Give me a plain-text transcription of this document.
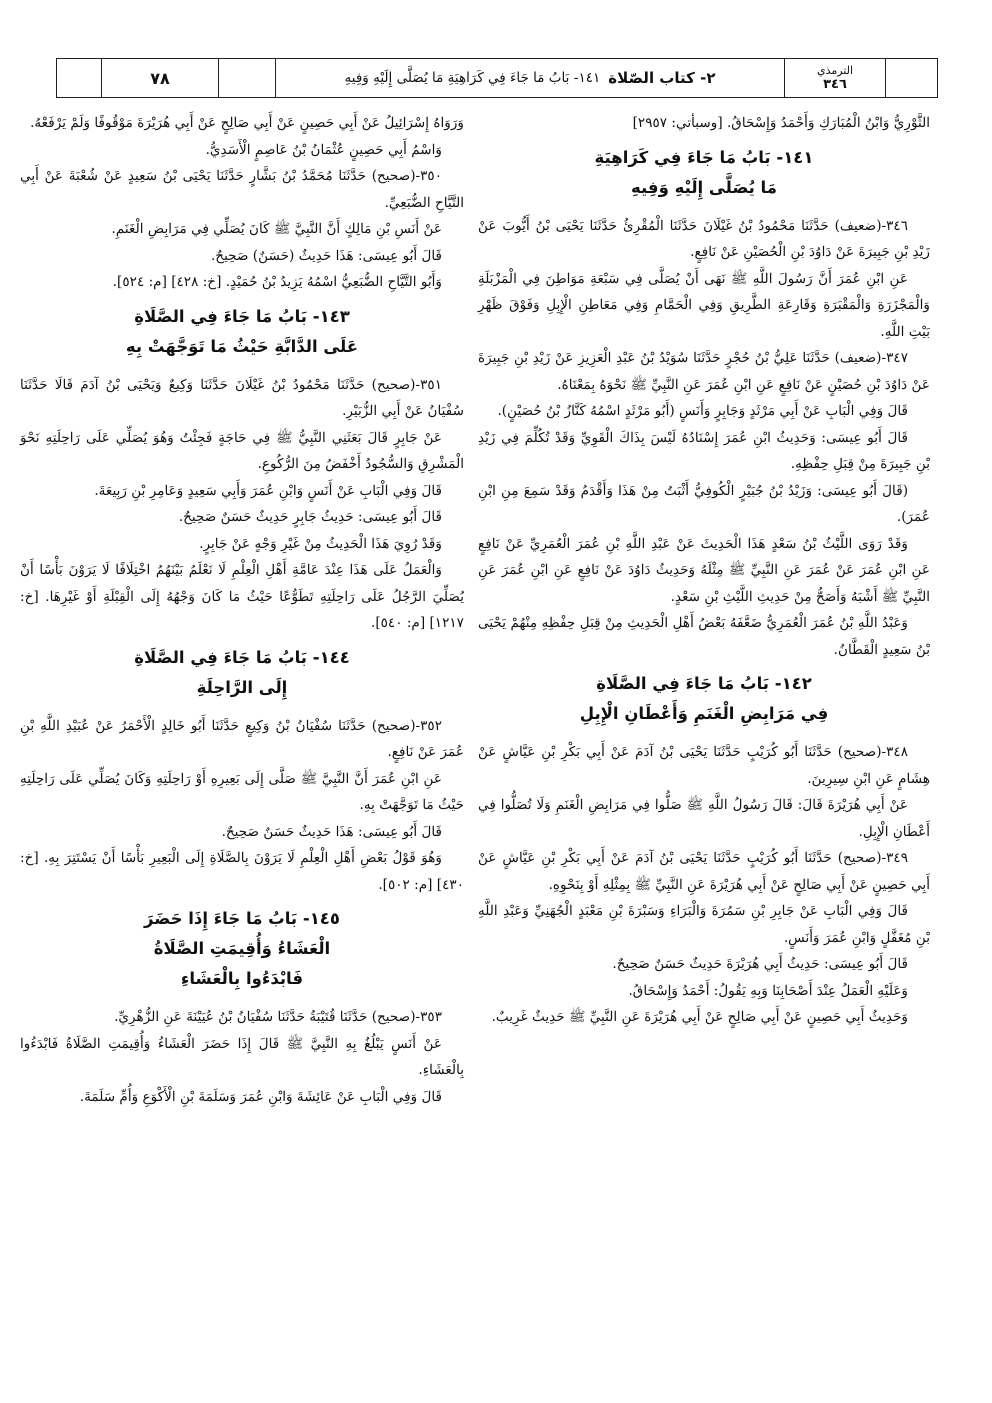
٧٨	٢- كتاب الصّلاة
١٤١- بَابُ مَا جَاءَ فِي كَرَاهِيَةِ مَا يُصَلَّى إِلَيْهِ وَفِيهِ	الترمذي
٣٤٦
الثَّوْرِيُّ وَابْنُ الْمُبَارَكِ وَأَحْمَدُ وَإِسْحَاقُ. [وسبأتي: ٢٩٥٧]
١٤١- بَابُ مَا جَاءَ فِي كَرَاهِيَةِ
مَا يُصَلَّى إِلَيْهِ وَفِيهِ
٣٤٦-(ضعيف) حَدَّثَنَا مَحْمُودُ بْنُ غَيْلَانَ حَدَّثَنَا الْمُقْرِئُ حَدَّثَنَا يَحْيَى بْنُ أَيُّوبَ عَنْ زَيْدِ بْنِ جَبِيرَةَ عَنْ دَاوُدَ بْنِ الْحُصَيْنِ عَنْ نَافِعٍ.
عَنِ ابْنِ عُمَرَ أَنَّ رَسُولَ اللَّهِ ﷺ نَهَى أَنْ يُصَلَّى فِي سَبْعَةِ مَوَاطِنَ فِي الْمَزْبَلَةِ وَالْمَجْزَرَةِ وَالْمَقْبَرَةِ وَقَارِعَةِ الطَّرِيقِ وَفِي الْحَمَّامِ وَفِي مَعَاطِنِ الْإِبِلِ وَفَوْقَ ظَهْرِ بَيْتِ اللَّهِ.
٣٤٧-(ضعيف) حَدَّثَنَا عَلِيُّ بْنُ حُجْرٍ حَدَّثَنَا سُوَيْدُ بْنُ عَبْدِ الْعَزِيزِ عَنْ زَيْدِ بْنِ جَبِيرَةَ عَنْ دَاوُدَ بْنِ حُصَيْنٍ عَنْ نَافِعٍ عَنِ ابْنِ عُمَرَ عَنِ النَّبِيِّ ﷺ نَحْوَهُ بِمَعْنَاهُ.
قَالَ وَفِي الْبَابِ عَنْ أَبِي مَرْثَدٍ وَجَابِرٍ وَأَنَسٍ (أَبُو مَرْثَدٍ اسْمُهُ كَنَّازُ بْنُ حُصَيْنٍ).
قَالَ أَبُو عِيسَى: وَحَدِيثُ ابْنِ عُمَرَ إِسْنَادُهُ لَيْسَ بِذَاكَ الْقَوِيِّ وَقَدْ تُكُلِّمَ فِي زَيْدِ بْنِ جَبِيرَةَ مِنْ قِبَلِ حِفْظِهِ.
(قَالَ أَبُو عِيسَى: وَزَيْدُ بْنُ جُبَيْرٍ الْكُوفِيُّ أَثْبَتُ مِنْ هَذَا وَأَقْدَمُ وَقَدْ سَمِعَ مِنِ ابْنِ عُمَرَ).
وَقَدْ رَوَى اللَّيْثُ بْنُ سَعْدٍ هَذَا الْحَدِيثَ عَنْ عَبْدِ اللَّهِ بْنِ عُمَرَ الْعُمَرِيِّ عَنْ نَافِعٍ عَنِ ابْنِ عُمَرَ عَنْ عُمَرَ عَنِ النَّبِيِّ ﷺ مِثْلَهُ وَحَدِيثُ دَاوُدَ عَنْ نَافِعٍ عَنِ ابْنِ عُمَرَ عَنِ النَّبِيِّ ﷺ أَشْبَهُ وَأَصَحُّ مِنْ حَدِيثِ اللَّيْثِ بْنِ سَعْدٍ.
وَعَبْدُ اللَّهِ بْنُ عُمَرَ الْعُمَرِيُّ ضَعَّفَهُ بَعْضُ أَهْلِ الْحَدِيثِ مِنْ قِبَلِ حِفْظِهِ مِنْهُمْ يَحْيَى بْنُ سَعِيدٍ الْقَطَّانُ.
١٤٢- بَابُ مَا جَاءَ فِي الصَّلَاةِ
فِي مَرَابِضِ الْغَنَمِ وَأَعْطَانِ الْإِبِلِ
٣٤٨-(صحيح) حَدَّثَنَا أَبُو كُرَيْبٍ حَدَّثَنَا يَحْيَى بْنُ آدَمَ عَنْ أَبِي بَكْرِ بْنِ عَيَّاشٍ عَنْ هِشَامٍ عَنِ ابْنِ سِيرِينَ.
عَنْ أَبِي هُرَيْرَةَ قَالَ: قَالَ رَسُولُ اللَّهِ ﷺ صَلُّوا فِي مَرَابِضِ الْغَنَمِ وَلَا تُصَلُّوا فِي أَعْطَانِ الْإِبِلِ.
٣٤٩-(صحيح) حَدَّثَنَا أَبُو كُرَيْبٍ حَدَّثَنَا يَحْيَى بْنُ آدَمَ عَنْ أَبِي بَكْرِ بْنِ عَيَّاشٍ عَنْ أَبِي حَصِينٍ عَنْ أَبِي صَالِحٍ عَنْ أَبِي هُرَيْرَةَ عَنِ النَّبِيِّ ﷺ بِمِثْلِهِ أَوْ بِنَحْوِهِ.
قَالَ وَفِي الْبَابِ عَنْ جَابِرِ بْنِ سَمُرَةَ وَالْبَرَاءِ وَسَبْرَةَ بْنِ مَعْبَدٍ الْجُهَنِيِّ وَعَبْدِ اللَّهِ بْنِ مُغَفَّلٍ وَابْنِ عُمَرَ وَأَنَسٍ.
قَالَ أَبُو عِيسَى: حَدِيثُ أَبِي هُرَيْرَةَ حَدِيثٌ حَسَنٌ صَحِيحٌ.
وَعَلَيْهِ الْعَمَلُ عِنْدَ أَصْحَابِنَا وَبِهِ يَقُولُ: أَحْمَدُ وَإِسْحَاقُ.
وَحَدِيثُ أَبِي حَصِينٍ عَنْ أَبِي صَالِحٍ عَنْ أَبِي هُرَيْرَةَ عَنِ النَّبِيِّ ﷺ حَدِيثٌ غَرِيبٌ.
وَرَوَاهُ إِسْرَائِيلُ عَنْ أَبِي حَصِينٍ عَنْ أَبِي صَالِحٍ عَنْ أَبِي هُرَيْرَةَ مَوْقُوفًا وَلَمْ يَرْفَعْهُ.
وَاسْمُ أَبِي حَصِينٍ عُثْمَانُ بْنُ عَاصِمٍ الْأَسَدِيُّ.
٣٥٠-(صحيح) حَدَّثَنَا مُحَمَّدُ بْنُ بَشَّارٍ حَدَّثَنَا يَحْيَى بْنُ سَعِيدٍ عَنْ شُعْبَةَ عَنْ أَبِي التَّيَّاحِ الضُّبَعِيِّ.
عَنْ أَنَسِ بْنِ مَالِكٍ أَنَّ النَّبِيَّ ﷺ كَانَ يُصَلِّي فِي مَرَابِضِ الْغَنَمِ.
قَالَ أَبُو عِيسَى: هَذَا حَدِيثٌ (حَسَنٌ) صَحِيحٌ.
وَأَبُو التَّيَّاحِ الضُّبَعِيُّ اسْمُهُ يَزِيدُ بْنُ حُمَيْدٍ. [خ: ٤٢٨] [م: ٥٢٤].
١٤٣- بَابُ مَا جَاءَ فِي الصَّلَاةِ
عَلَى الدَّابَّةِ حَيْثُ مَا تَوَجَّهَتْ بِهِ
٣٥١-(صحيح) حَدَّثَنَا مَحْمُودُ بْنُ غَيْلَانَ حَدَّثَنَا وَكِيعٌ وَيَحْيَى بْنُ آدَمَ قَالَا حَدَّثَنَا سُفْيَانُ عَنْ أَبِي الزُّبَيْرِ.
عَنْ جَابِرٍ قَالَ بَعَثَنِي النَّبِيُّ ﷺ فِي حَاجَةٍ فَجِئْتُ وَهُوَ يُصَلِّي عَلَى رَاحِلَتِهِ نَحْوَ الْمَشْرِقِ وَالسُّجُودُ أَخْفَضُ مِنَ الرُّكُوعِ.
قَالَ وَفِي الْبَابِ عَنْ أَنَسٍ وَابْنِ عُمَرَ وَأَبِي سَعِيدٍ وَعَامِرِ بْنِ رَبِيعَةَ.
قَالَ أَبُو عِيسَى: حَدِيثُ جَابِرٍ حَدِيثٌ حَسَنٌ صَحِيحٌ.
وَقَدْ رُوِيَ هَذَا الْحَدِيثُ مِنْ غَيْرِ وَجْهٍ عَنْ جَابِرٍ.
وَالْعَمَلُ عَلَى هَذَا عِنْدَ عَامَّةِ أَهْلِ الْعِلْمِ لَا نَعْلَمُ بَيْنَهُمُ اخْتِلَافًا لَا يَرَوْنَ بَأْسًا أَنْ يُصَلِّيَ الرَّجُلُ عَلَى رَاحِلَتِهِ تَطَوُّعًا حَيْثُ مَا كَانَ وَجْهُهُ إِلَى الْقِبْلَةِ أَوْ غَيْرِهَا. [خ: ١٢١٧] [م: ٥٤٠].
١٤٤- بَابُ مَا جَاءَ فِي الصَّلَاةِ
إِلَى الرَّاحِلَةِ
٣٥٢-(صحيح) حَدَّثَنَا سُفْيَانُ بْنُ وَكِيعٍ حَدَّثَنَا أَبُو خَالِدٍ الْأَحْمَرُ عَنْ عُبَيْدِ اللَّهِ بْنِ عُمَرَ عَنْ نَافِعٍ.
عَنِ ابْنِ عُمَرَ أَنَّ النَّبِيَّ ﷺ صَلَّى إِلَى بَعِيرِهِ أَوْ رَاحِلَتِهِ وَكَانَ يُصَلِّي عَلَى رَاحِلَتِهِ حَيْثُ مَا تَوَجَّهَتْ بِهِ.
قَالَ أَبُو عِيسَى: هَذَا حَدِيثٌ حَسَنٌ صَحِيحٌ.
وَهُوَ قَوْلُ بَعْضِ أَهْلِ الْعِلْمِ لَا يَرَوْنَ بِالصَّلَاةِ إِلَى الْبَعِيرِ بَأْسًا أَنْ يَسْتَتِرَ بِهِ. [خ: ٤٣٠] [م: ٥٠٢].
١٤٥- بَابُ مَا جَاءَ إِذَا حَضَرَ
الْعَشَاءُ وَأُقِيمَتِ الصَّلَاةُ
فَابْدَءُوا بِالْعَشَاءِ
٣٥٣-(صحيح) حَدَّثَنَا قُتَيْبَةُ حَدَّثَنَا سُفْيَانُ بْنُ عُيَيْنَةَ عَنِ الزُّهْرِيِّ.
عَنْ أَنَسٍ يَبْلُغُ بِهِ النَّبِيَّ ﷺ قَالَ إِذَا حَضَرَ الْعَشَاءُ وَأُقِيمَتِ الصَّلَاةُ فَابْدَءُوا بِالْعَشَاءِ.
قَالَ وَفِي الْبَابِ عَنْ عَائِشَةَ وَابْنِ عُمَرَ وَسَلَمَةَ بْنِ الْأَكْوَعِ وَأُمِّ سَلَمَةَ.
